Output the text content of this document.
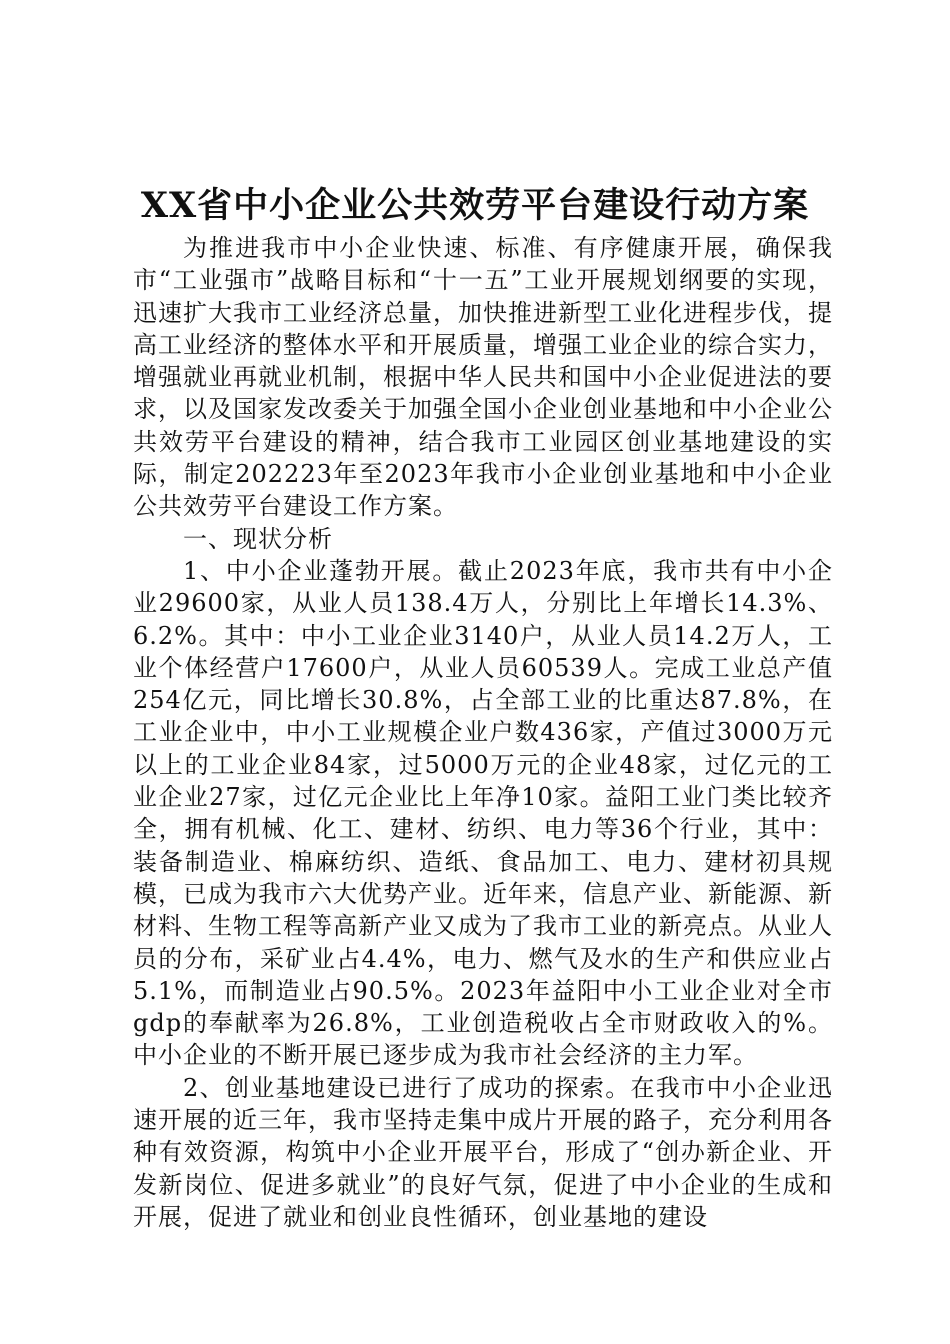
XX省中小企业公共效劳平台建设行动方案

为推进我市中小企业快速、标准、有序健康开展，确保我市“工业强市”战略目标和“十一五”工业开展规划纲要的实现，迅速扩大我市工业经济总量，加快推进新型工业化进程步伐，提高工业经济的整体水平和开展质量，增强工业企业的综合实力，增强就业再就业机制，根据中华人民共和国中小企业促进法的要求，以及国家发改委关于加强全国小企业创业基地和中小企业公共效劳平台建设的精神，结合我市工业园区创业基地建设的实际，制定202223年至2023年我市小企业创业基地和中小企业公共效劳平台建设工作方案。

一、现状分析

1、中小企业蓬勃开展。截止2023年底，我市共有中小企业29600家，从业人员138.4万人，分别比上年增长14.3%、6.2%。其中：中小工业企业3140户，从业人员14.2万人，工业个体经营户17600户，从业人员60539人。完成工业总产值254亿元，同比增长30.8%，占全部工业的比重达87.8%，在工业企业中，中小工业规模企业户数436家，产值过3000万元以上的工业企业84家，过5000万元的企业48家，过亿元的工业企业27家，过亿元企业比上年净10家。益阳工业门类比较齐全，拥有机械、化工、建材、纺织、电力等36个行业，其中：装备制造业、棉麻纺织、造纸、食品加工、电力、建材初具规模，已成为我市六大优势产业。近年来，信息产业、新能源、新材料、生物工程等高新产业又成为了我市工业的新亮点。从业人员的分布，采矿业占4.4%，电力、燃气及水的生产和供应业占5.1%，而制造业占90.5%。2023年益阳中小工业企业对全市gdp的奉献率为26.8%，工业创造税收占全市财政收入的%。中小企业的不断开展已逐步成为我市社会经济的主力军。

2、创业基地建设已进行了成功的探索。在我市中小企业迅速开展的近三年，我市坚持走集中成片开展的路子，充分利用各种有效资源，构筑中小企业开展平台，形成了“创办新企业、开发新岗位、促进多就业”的良好气氛，促进了中小企业的生成和开展，促进了就业和创业良性循环，创业基地的建设
